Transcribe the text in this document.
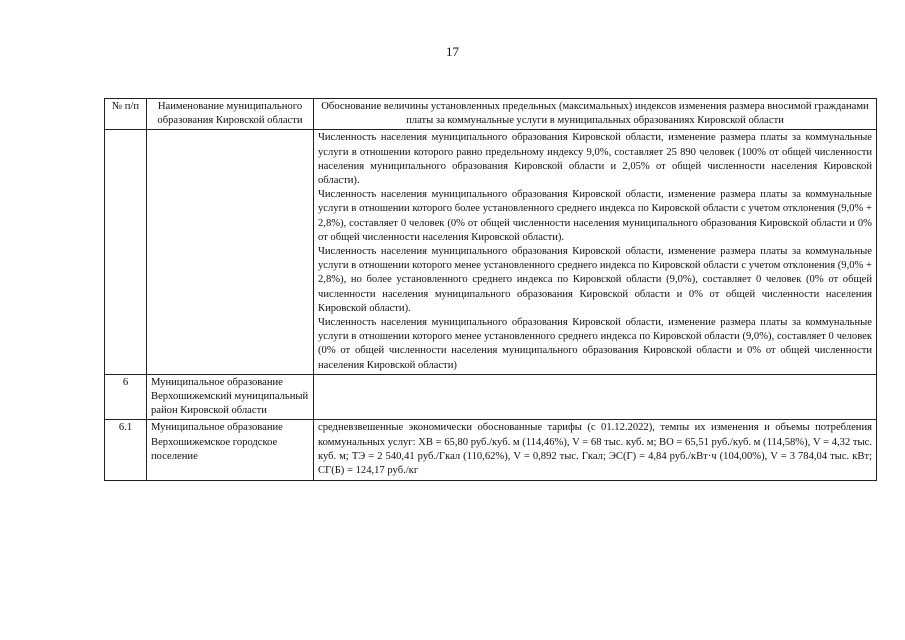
17
№ п/п	Наименование муниципального образования Кировской области	Обоснование величины установленных предельных (максимальных) индексов изменения размера вносимой гражданами платы за коммунальные услуги в муниципальных образованиях Кировской области

		Численность населения муниципального образования Кировской области, изменение размера платы за коммунальные услуги в отношении которого равно предельному индексу 9,0%, составляет 25 890 человек (100% от общей численности населения муниципального образования Кировской области и 2,05% от общей численности населения Кировской области).
Численность населения муниципального образования Кировской области, изменение размера платы за коммунальные услуги в отношении которого более установленного среднего индекса по Кировской области с учетом отклонения (9,0% + 2,8%), составляет 0 человек (0% от общей численности населения муниципального образования Кировской области и 0% от общей численности населения Кировской области).
Численность населения муниципального образования Кировской области, изменение размера платы за коммунальные услуги в отношении которого менее установленного среднего индекса по Кировской области с учетом отклонения (9,0% + 2,8%), но более установленного среднего индекса по Кировской области (9,0%), составляет 0 человек (0% от общей численности населения муниципального образования Кировской области и 0% от общей численности населения Кировской области).
Численность населения муниципального образования Кировской области, изменение размера платы за коммунальные услуги в отношении которого менее установленного среднего индекса по Кировской области (9,0%), составляет 0 человек (0% от общей численности населения муниципального образования Кировской области и 0% от общей численности населения Кировской области)

6	Муниципальное образование Верхошижемский муниципальный район Кировской области	

6.1	Муниципальное образование Верхошижемское городское поселение	средневзвешенные экономически обоснованные тарифы (с 01.12.2022), темпы их изменения и объемы потребления коммунальных услуг: ХВ = 65,80 руб./куб. м (114,46%), V = 68 тыс. куб. м; ВО = 65,51 руб./куб. м (114,58%), V = 4,32 тыс. куб. м; ТЭ = 2 540,41 руб./Гкал (110,62%), V = 0,892 тыс. Гкал; ЭС(Г) = 4,84 руб./кВт·ч (104,00%), V = 3 784,04 тыс. кВт; СГ(Б) = 124,17 руб./кг
